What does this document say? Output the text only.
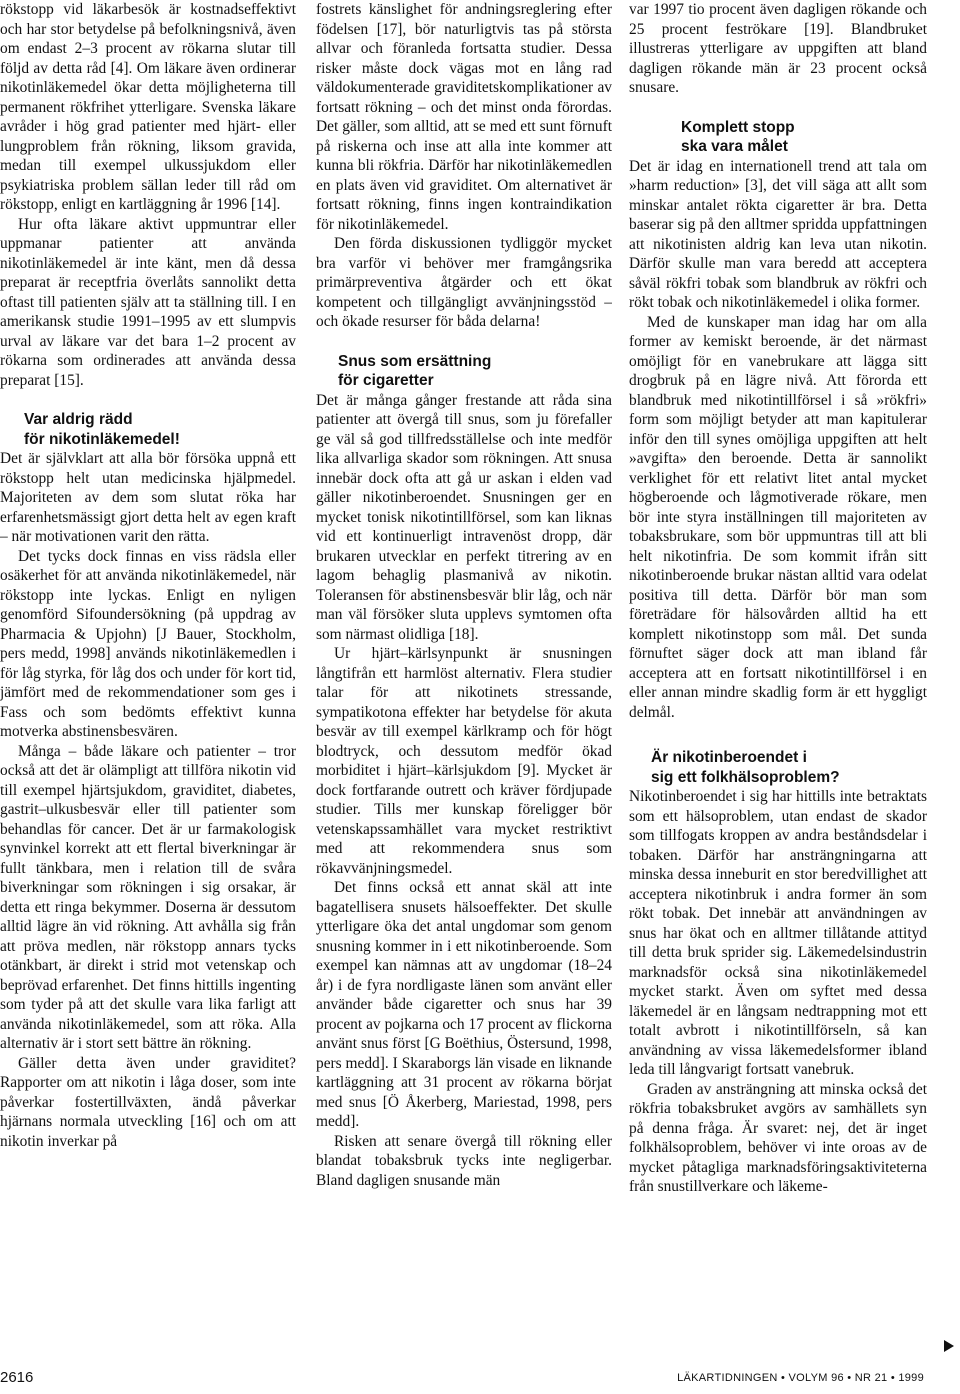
rökstopp vid läkarbesök är kostnadseffektivt och har stor betydelse på befolkningsnivå, även om endast 2–3 procent av rökarna slutar till följd av detta råd [4]. Om läkare även ordinerar nikotinläkemedel ökar detta möjligheterna till permanent rökfrihet ytterligare. Svenska läkare avråder i hög grad patienter med hjärt- eller lungproblem från rökning, liksom gravida, medan till exempel ulkussjukdom eller psykiatriska problem sällan leder till råd om rökstopp, enligt en kartläggning år 1996 [14].

Hur ofta läkare aktivt uppmuntrar eller uppmanar patienter att använda nikotinläkemedel är inte känt, men då dessa preparat är receptfria överlåts sannolikt detta oftast till patienten själv att ta ställning till. I en amerikansk studie 1991–1995 av ett slumpvis urval av läkare var det bara 1–2 procent av rökarna som ordinerades att använda dessa preparat [15].

Var aldrig rädd
för nikotinläkemedel!

Det är självklart att alla bör försöka uppnå ett rökstopp helt utan medicinska hjälpmedel. Majoriteten av dem som slutat röka har erfarenhetsmässigt gjort detta helt av egen kraft – när motivationen varit den rätta.

Det tycks dock finnas en viss rädsla eller osäkerhet för att använda nikotinläkemedel, när rökstopp inte lyckas. Enligt en nyligen genomförd Sifoundersökning (på uppdrag av Pharmacia & Upjohn) [J Bauer, Stockholm, pers medd, 1998] används nikotinläkemedlen i för låg styrka, för låg dos och under för kort tid, jämfört med de rekommendationer som ges i Fass och som bedömts effektivt kunna motverka abstinensbesvären.

Många – både läkare och patienter – tror också att det är olämpligt att tillföra nikotin vid till exempel hjärtsjukdom, graviditet, diabetes, gastrit–ulkusbesvär eller till patienter som behandlas för cancer. Det är ur farmakologisk synvinkel korrekt att ett flertal biverkningar är fullt tänkbara, men i relation till de svåra biverkningar som rökningen i sig orsakar, är detta ett ringa bekymmer. Doserna är dessutom alltid lägre än vid rökning. Att avhålla sig från att pröva medlen, när rökstopp annars tycks otänkbart, är direkt i strid mot vetenskap och beprövad erfarenhet. Det finns hittills ingenting som tyder på att det skulle vara lika farligt att använda nikotinläkemedel, som att röka. Alla alternativ är i stort sett bättre än rökning.

Gäller detta även under graviditet? Rapporter om att nikotin i låga doser, som inte påverkar fostertillväxten, ändå påverkar hjärnans normala utveckling [16] och om att nikotin inverkar på

fostrets känslighet för andningsreglering efter födelsen [17], bör naturligtvis tas på största allvar och föranleda fortsatta studier. Dessa risker måste dock vägas mot en lång rad väldokumenterade graviditetskomplikationer av fortsatt rökning – och det minst onda förordas. Det gäller, som alltid, att se med ett sunt förnuft på riskerna och inse att alla inte kommer att kunna bli rökfria. Därför har nikotinläkemedlen en plats även vid graviditet. Om alternativet är fortsatt rökning, finns ingen kontraindikation för nikotinläkemedel.

Den förda diskussionen tydliggör mycket bra varför vi behöver mer framgångsrika primärpreventiva åtgärder och ett ökat kompetent och tillgängligt avvänjningsstöd – och ökade resurser för båda delarna!

Snus som ersättning
för cigaretter

Det är många gånger frestande att råda sina patienter att övergå till snus, som ju förefaller ge väl så god tillfredsställelse och inte medför lika allvarliga skador som rökningen. Att snusa innebär dock ofta att gå ur askan i elden vad gäller nikotinberoendet. Snusningen ger en mycket tonisk nikotintillförsel, som kan liknas vid ett kontinuerligt intravenöst dropp, där brukaren utvecklar en perfekt titrering av en lagom behaglig plasmanivå av nikotin. Toleransen för abstinensbesvär blir låg, och när man väl försöker sluta upplevs symtomen ofta som närmast olidliga [18].

Ur hjärt–kärlsynpunkt är snusningen långtifrån ett harmlöst alternativ. Flera studier talar för att nikotinets stressande, sympatikotona effekter har betydelse för akuta besvär av till exempel kärlkramp och för högt blodtryck, och dessutom medför ökad morbiditet i hjärt–kärlsjukdom [9]. Mycket är dock fortfarande outrett och kräver fördjupade studier. Tills mer kunskap föreligger bör vetenskapssamhället vara mycket restriktivt med att rekommendera snus som rökavvänjningsmedel.

Det finns också ett annat skäl att inte bagatellisera snusets hälsoeffekter. Det skulle ytterligare öka det antal ungdomar som genom snusning kommer in i ett nikotinberoende. Som exempel kan nämnas att av ungdomar (18–24 år) i de fyra nordligaste länen som använt eller använder både cigaretter och snus har 39 procent av pojkarna och 17 procent av flickorna använt snus först [G Boëthius, Östersund, 1998, pers medd]. I Skaraborgs län visade en liknande kartläggning att 31 procent av rökarna börjat med snus [Ö Åkerberg, Mariestad, 1998, pers medd].

Risken att senare övergå till rökning eller blandat tobaksbruk tycks inte negligerbar. Bland dagligen snusande män

var 1997 tio procent även dagligen rökande och 25 procent feströkare [19]. Blandbruket illustreras ytterligare av uppgiften att bland dagligen rökande män är 23 procent också snusare.

Komplett stopp
ska vara målet

Det är idag en internationell trend att tala om »harm reduction» [3], det vill säga att allt som minskar antalet rökta cigaretter är bra. Detta baserar sig på den alltmer spridda uppfattningen att nikotinisten aldrig kan leva utan nikotin. Därför skulle man vara beredd att acceptera såväl rökfri tobak som blandbruk av rökfri och rökt tobak och nikotinläkemedel i olika former.

Med de kunskaper man idag har om alla former av kemiskt beroende, är det närmast omöjligt för en vanebrukare att lägga sitt drogbruk på en lägre nivå. Att förorda ett blandbruk med nikotintillförsel i så »rökfri» form som möjligt betyder att man kapitulerar inför den till synes omöjliga uppgiften att helt »avgifta» den beroende. Detta är sannolikt verklighet för ett relativt litet antal mycket högberoende och lågmotiverade rökare, men bör inte styra inställningen till majoriteten av tobaksbrukare, som bör uppmuntras till att bli helt nikotinfria. De som kommit ifrån sitt nikotinberoende brukar nästan alltid vara odelat positiva till detta. Därför bör man som företrädare för hälsovården alltid ha ett komplett nikotinstopp som mål. Det sunda förnuftet säger dock att man ibland får acceptera att en fortsatt nikotintillförsel i en eller annan mindre skadlig form är ett hyggligt delmål.

Är nikotinberoendet i
sig ett folkhälsoproblem?

Nikotinberoendet i sig har hittills inte betraktats som ett hälsoproblem, utan endast de skador som tillfogats kroppen av andra beståndsdelar i tobaken. Därför har ansträngningarna att minska dessa inneburit en stor beredvillighet att acceptera nikotinbruk i andra former än som rökt tobak. Det innebär att användningen av snus har ökat och en alltmer tillåtande attityd till detta bruk sprider sig. Läkemedelsindustrin marknadsför också sina nikotinläkemedel mycket starkt. Även om syftet med dessa läkemedel är en långsam nedtrappning mot ett totalt avbrott i nikotintillförseln, så kan användning av vissa läkemedelsformer ibland leda till långvarigt fortsatt vanebruk.

Graden av ansträngning att minska också det rökfria tobaksbruket avgörs av samhällets syn på denna fråga. Är svaret: nej, det är inget folkhälsoproblem, behöver vi inte oroas av de mycket påtagliga marknadsföringsaktiviteterna från snustillverkare och läkeme-

2616	LÄKARTIDNINGEN • VOLYM 96 • NR 21 • 1999
